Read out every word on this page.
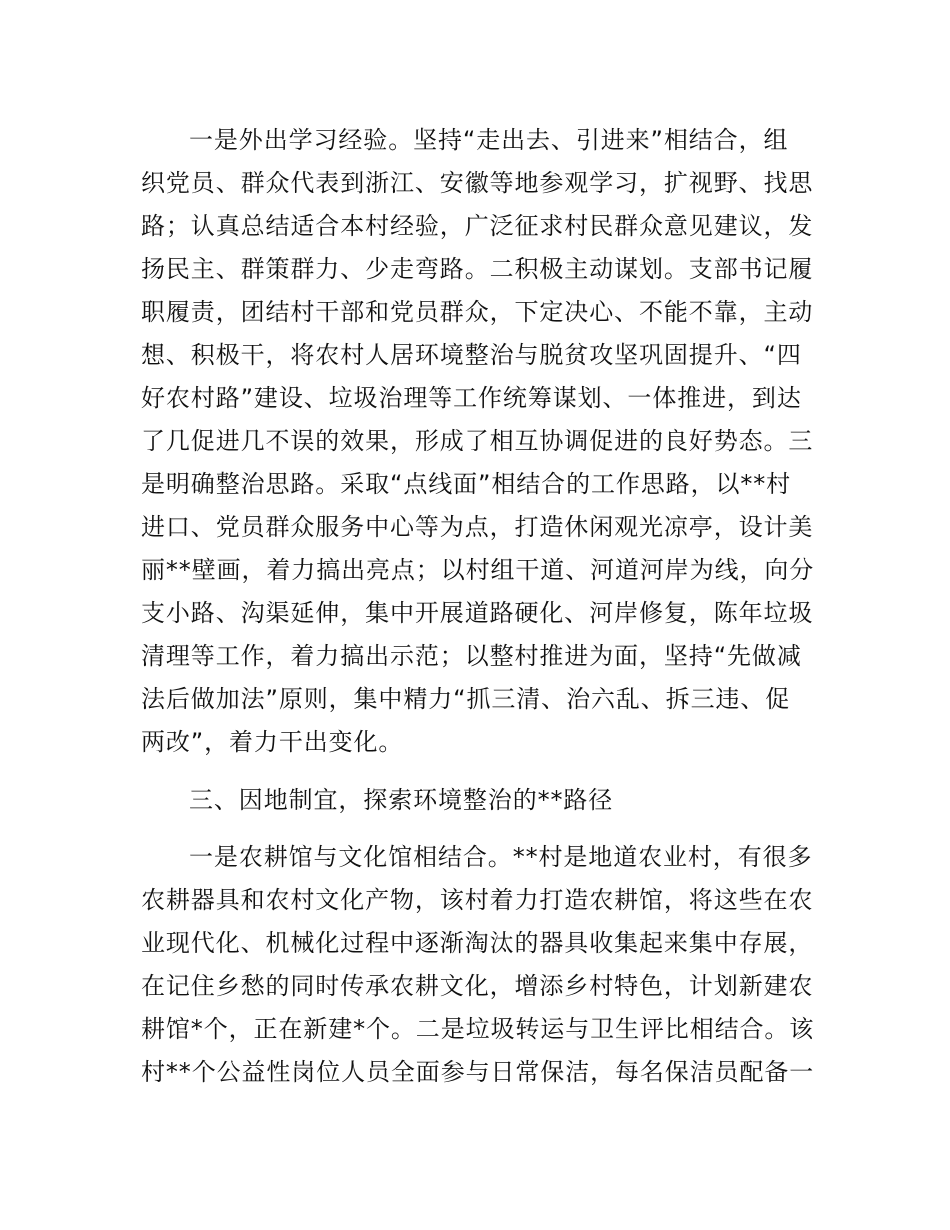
一是外出学习经验。坚持“走出去、引进来”相结合，组
织党员、群众代表到浙江、安徽等地参观学习，扩视野、找思
路；认真总结适合本村经验，广泛征求村民群众意见建议，发
扬民主、群策群力、少走弯路。二积极主动谋划。支部书记履
职履责，团结村干部和党员群众，下定决心、不能不靠，主动
想、积极干，将农村人居环境整治与脱贫攻坚巩固提升、“四
好农村路”建设、垃圾治理等工作统筹谋划、一体推进，到达
了几促进几不误的效果，形成了相互协调促进的良好势态。三
是明确整治思路。采取“点线面”相结合的工作思路，以**村
进口、党员群众服务中心等为点，打造休闲观光凉亭，设计美
丽**壁画，着力搞出亮点；以村组干道、河道河岸为线，向分
支小路、沟渠延伸，集中开展道路硬化、河岸修复，陈年垃圾
清理等工作，着力搞出示范；以整村推进为面，坚持“先做减
法后做加法”原则，集中精力“抓三清、治六乱、拆三违、促
两改”，着力干出变化。
三、因地制宜，探索环境整治的**路径
一是农耕馆与文化馆相结合。**村是地道农业村，有很多
农耕器具和农村文化产物，该村着力打造农耕馆，将这些在农
业现代化、机械化过程中逐渐淘汰的器具收集起来集中存展，
在记住乡愁的同时传承农耕文化，增添乡村特色，计划新建农
耕馆*个，正在新建*个。二是垃圾转运与卫生评比相结合。该
村**个公益性岗位人员全面参与日常保洁，每名保洁员配备一
